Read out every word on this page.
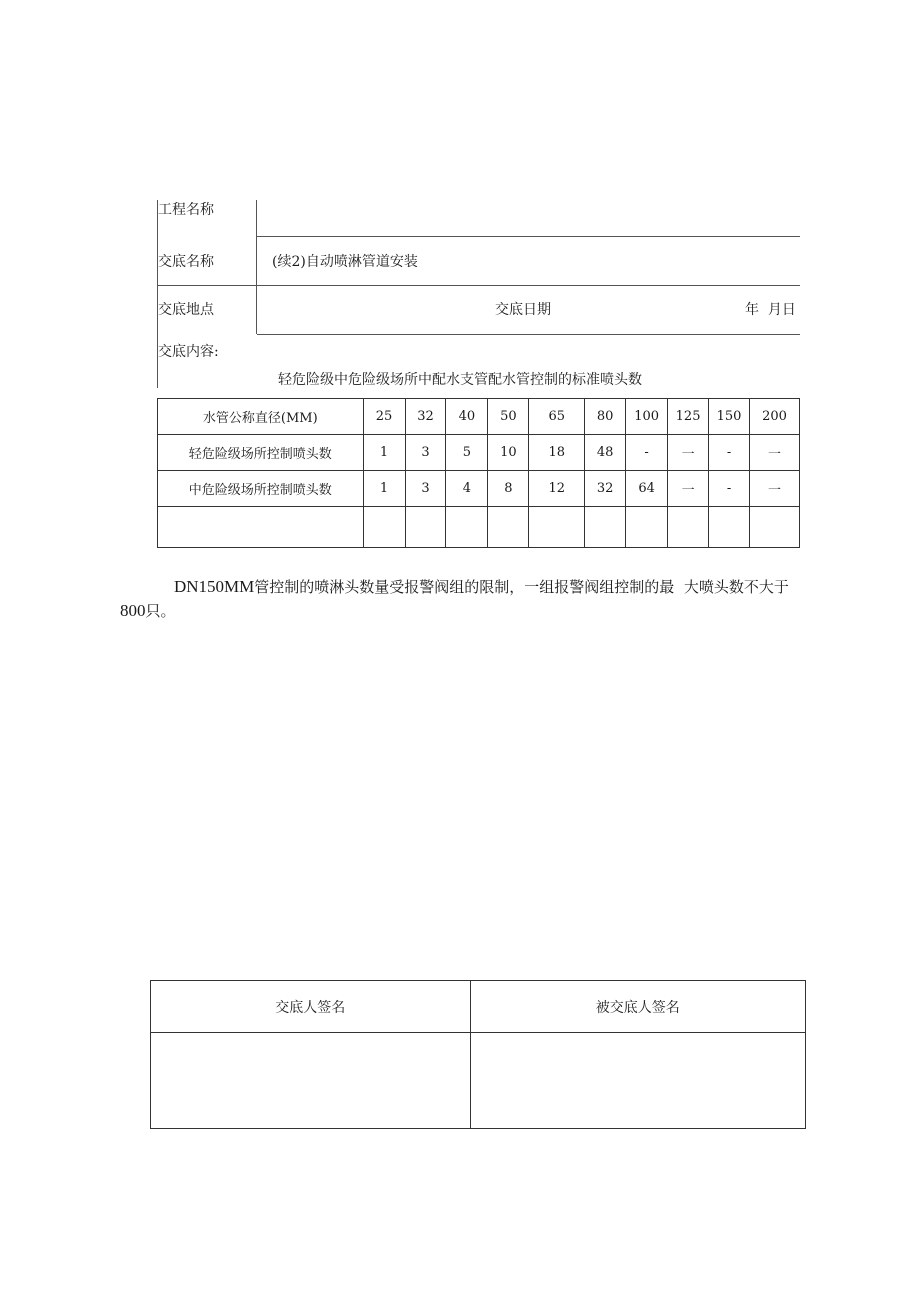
工程名称
交底名称	(续2)自动喷淋管道安装
交底地点	交底日期	年  月日
交底内容:
轻危险级中危险级场所中配水支管配水管控制的标准喷头数
水管公称直径(MM)	25	32	40	50	65	80	100	125	150	200
轻危险级场所控制喷头数	1	3	5	10	18	48	-	一	-	一
中危险级场所控制喷头数	1	3	4	8	12	32	64	一	-	一

DN150MM管控制的喷淋头数量受报警阀组的限制，一组报警阀组控制的最  大喷头数不大于
800只。
交底人签名	被交底人签名
